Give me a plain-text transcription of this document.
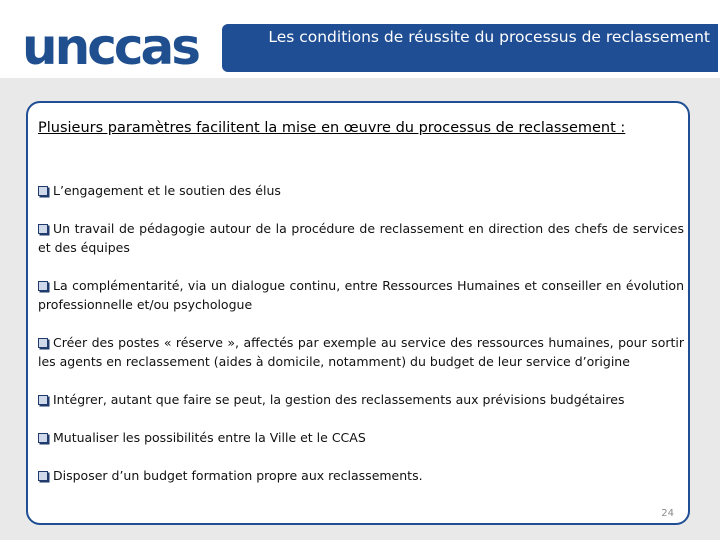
unccas	Les conditions de réussite du processus de reclassement
Plusieurs paramètres facilitent la mise en œuvre du processus de reclassement :
L’engagement et le soutien des élus
Un travail de pédagogie autour de la procédure de reclassement en direction des chefs de services et des équipes
La complémentarité, via un dialogue continu, entre Ressources Humaines et conseiller en évolution professionnelle et/ou psychologue
Créer des postes « réserve », affectés par exemple au service des ressources humaines, pour sortir les agents en reclassement (aides à domicile, notamment) du budget de leur service d’origine
Intégrer, autant que faire se peut, la gestion des reclassements aux prévisions budgétaires
Mutualiser les possibilités entre la Ville et le CCAS
Disposer d’un budget formation propre aux reclassements.
24
